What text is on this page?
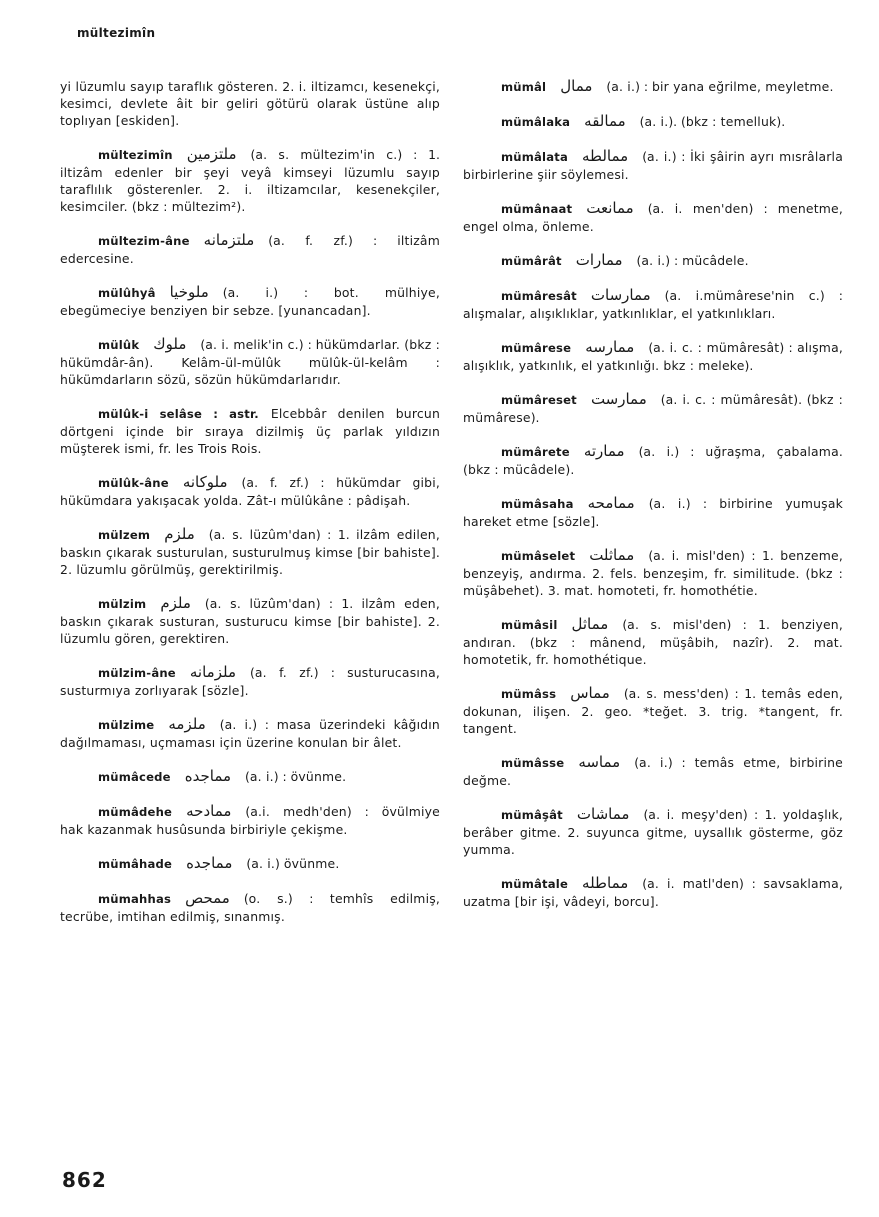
mültezimîn

yi lüzumlu sayıp taraflık gösteren. 2. i. iltizamcı, kesenekçi, kesimci, devlete âit bir geliri götürü olarak üstüne alıp toplıyan [eskiden].

mültezimîn ملتزمين (a. s. mültezim'in c.) : 1. iltizâm edenler bir şeyi veyâ kimseyi lüzumlu sayıp taraflılık gösterenler. 2. i. iltizamcılar, kesenekçiler, kesimciler. (bkz : mültezim²).

mültezim-âne ملتزمانه (a. f. zf.) : iltizâm edercesine.

mülûhyâ ملوخيا (a. i.) : bot. mülhiye, ebegümeciye benziyen bir sebze. [yunancadan].

mülûk ملوك (a. i. melik'in c.) : hükümdarlar. (bkz : hükümdâr-ân). Kelâm-ül-mülûk mülûk-ül-kelâm : hükümdarların sözü, sözün hükümdarlarıdır.

mülûk-i selâse : astr. Elcebbâr denilen burcun dörtgeni içinde bir sıraya dizilmiş üç parlak yıldızın müşterek ismi, fr. les Trois Rois.

mülûk-âne ملوكانه (a. f. zf.) : hükümdar gibi, hükümdara yakışacak yolda. Zât-ı mülûkâne : pâdişah.

mülzem ملزم (a. s. lüzûm'dan) : 1. ilzâm edilen, baskın çıkarak susturulan, susturulmuş kimse [bir bahiste]. 2. lüzumlu görülmüş, gerektirilmiş.

mülzim ملزم (a. s. lüzûm'dan) : 1. ilzâm eden, baskın çıkarak susturan, susturucu kimse [bir bahiste]. 2. lüzumlu gören, gerektiren.

mülzim-âne ملزمانه (a. f. zf.) : susturucasına, susturmıya zorlıyarak [sözle].

mülzime ملزمه (a. i.) : masa üzerindeki kâğıdın dağılmaması, uçmaması için üzerine konulan bir âlet.

mümâcede مماجده (a. i.) : övünme.

mümâdehe ممادحه (a.i. medh'den) : övülmiye hak kazanmak husûsunda birbiriyle çekişme.

mümâhade مماجده (a. i.) övünme.

mümahhas ممحص (o. s.) : temhîs edilmiş, tecrübe, imtihan edilmiş, sınanmış.

mümâl ممال (a. i.) : bir yana eğrilme, meyletme.

mümâlaka ممالقه (a. i.). (bkz : temelluk).

mümâlata ممالطه (a. i.) : İki şâirin ayrı mısrâlarla birbirlerine şiir söylemesi.

mümânaat ممانعت (a. i. men'den) : menetme, engel olma, önleme.

mümârât ممارات (a. i.) : mücâdele.

mümâresât ممارسات (a. i.mümârese'nin c.) : alışmalar, alışıklıklar, yatkınlıklar, el yatkınlıkları.

mümârese ممارسه (a. i. c. : mümâresât) : alışma, alışıklık, yatkınlık, el yatkınlığı. bkz : meleke).

mümâreset ممارست (a. i. c. : mümâresât). (bkz : mümârese).

mümârete ممارته (a. i.) : uğraşma, çabalama. (bkz : mücâdele).

mümâsaha ممامحه (a. i.) : birbirine yumuşak hareket etme [sözle].

mümâselet مماثلت (a. i. misl'den) : 1. benzeme, benzeyiş, andırma. 2. fels. benzeşim, fr. similitude. (bkz : müşâbehet). 3. mat. homoteti, fr. homothétie.

mümâsil مماثل (a. s. misl'den) : 1. benziyen, andıran. (bkz : mânend, müşâbih, nazîr). 2. mat. homotetik, fr. homothétique.

mümâss مماس (a. s. mess'den) : 1. temâs eden, dokunan, ilişen. 2. geo. *teğet. 3. trig. *tangent, fr. tangent.

mümâsse مماسه (a. i.) : temâs etme, birbirine değme.

mümâşât مماشات (a. i. meşy'den) : 1. yoldaşlık, berâber gitme. 2. suyunca gitme, uysallık gösterme, göz yumma.

mümâtale مماطله (a. i. matl'den) : savsaklama, uzatma [bir işi, vâdeyi, borcu].

862
